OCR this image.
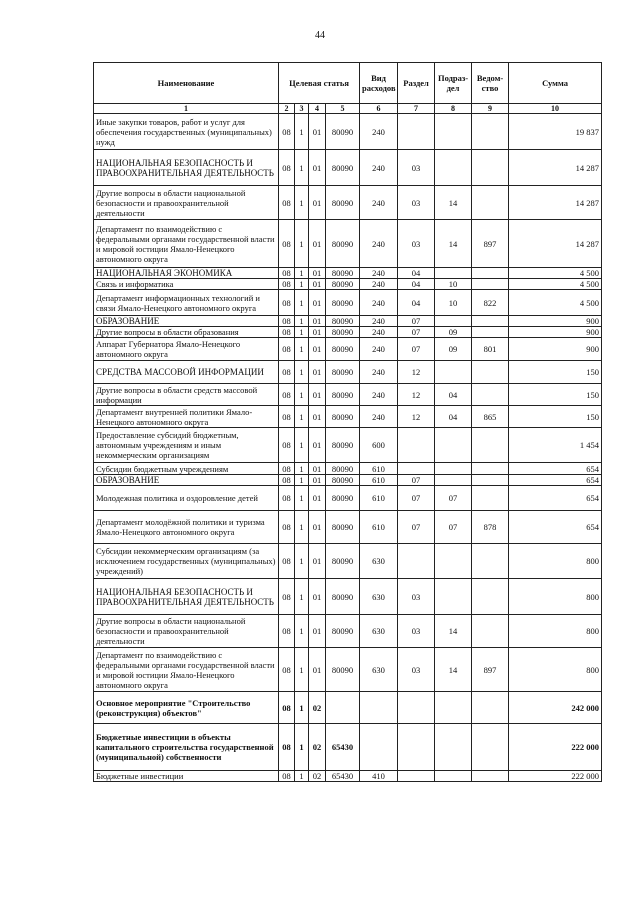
44
Наименование	Целевая статья				Вид расходов	Раздел	Подраз-дел	Ведом-ство	Сумма
1	2	3	4	5	6	7	8	9	10
Иные закупки товаров, работ и услуг для обеспечения государственных (муниципальных) нужд	08	1	01	80090	240				19 837
НАЦИОНАЛЬНАЯ БЕЗОПАСНОСТЬ И ПРАВООХРАНИТЕЛЬНАЯ ДЕЯТЕЛЬНОСТЬ	08	1	01	80090	240	03			14 287
Другие вопросы в области национальной безопасности и правоохранительной деятельности	08	1	01	80090	240	03	14		14 287
Департамент по взаимодействию с федеральными органами государственной власти и мировой юстиции Ямало-Ненецкого автономного округа	08	1	01	80090	240	03	14	897	14 287
НАЦИОНАЛЬНАЯ ЭКОНОМИКА	08	1	01	80090	240	04			4 500
Связь и информатика	08	1	01	80090	240	04	10		4 500
Департамент информационных технологий и связи Ямало-Ненецкого автономного округа	08	1	01	80090	240	04	10	822	4 500
ОБРАЗОВАНИЕ	08	1	01	80090	240	07			900
Другие вопросы в области образования	08	1	01	80090	240	07	09		900
Аппарат Губернатора Ямало-Ненецкого автономного округа	08	1	01	80090	240	07	09	801	900
СРЕДСТВА МАССОВОЙ ИНФОРМАЦИИ	08	1	01	80090	240	12			150
Другие вопросы в области средств массовой информации	08	1	01	80090	240	12	04		150
Департамент внутренней политики Ямало-Ненецкого автономного округа	08	1	01	80090	240	12	04	865	150
Предоставление субсидий бюджетным, автономным учреждениям и иным некоммерческим организациям	08	1	01	80090	600				1 454
Субсидии бюджетным учреждениям	08	1	01	80090	610				654
ОБРАЗОВАНИЕ	08	1	01	80090	610	07			654
Молодежная политика и оздоровление детей	08	1	01	80090	610	07	07		654
Департамент молодёжной политики и туризма Ямало-Ненецкого автономного округа	08	1	01	80090	610	07	07	878	654
Субсидии некоммерческим организациям (за исключением государственных (муниципальных) учреждений)	08	1	01	80090	630				800
НАЦИОНАЛЬНАЯ БЕЗОПАСНОСТЬ И ПРАВООХРАНИТЕЛЬНАЯ ДЕЯТЕЛЬНОСТЬ	08	1	01	80090	630	03			800
Другие вопросы в области национальной безопасности и правоохранительной деятельности	08	1	01	80090	630	03	14		800
Департамент по взаимодействию с федеральными органами государственной власти и мировой юстиции Ямало-Ненецкого автономного округа	08	1	01	80090	630	03	14	897	800
Основное мероприятие "Строительство (реконструкция) объектов"	08	1	02						242 000
Бюджетные инвестиции в объекты капитального строительства государственной (муниципальной) собственности	08	1	02	65430					222 000
Бюджетные инвестиции	08	1	02	65430	410				222 000
